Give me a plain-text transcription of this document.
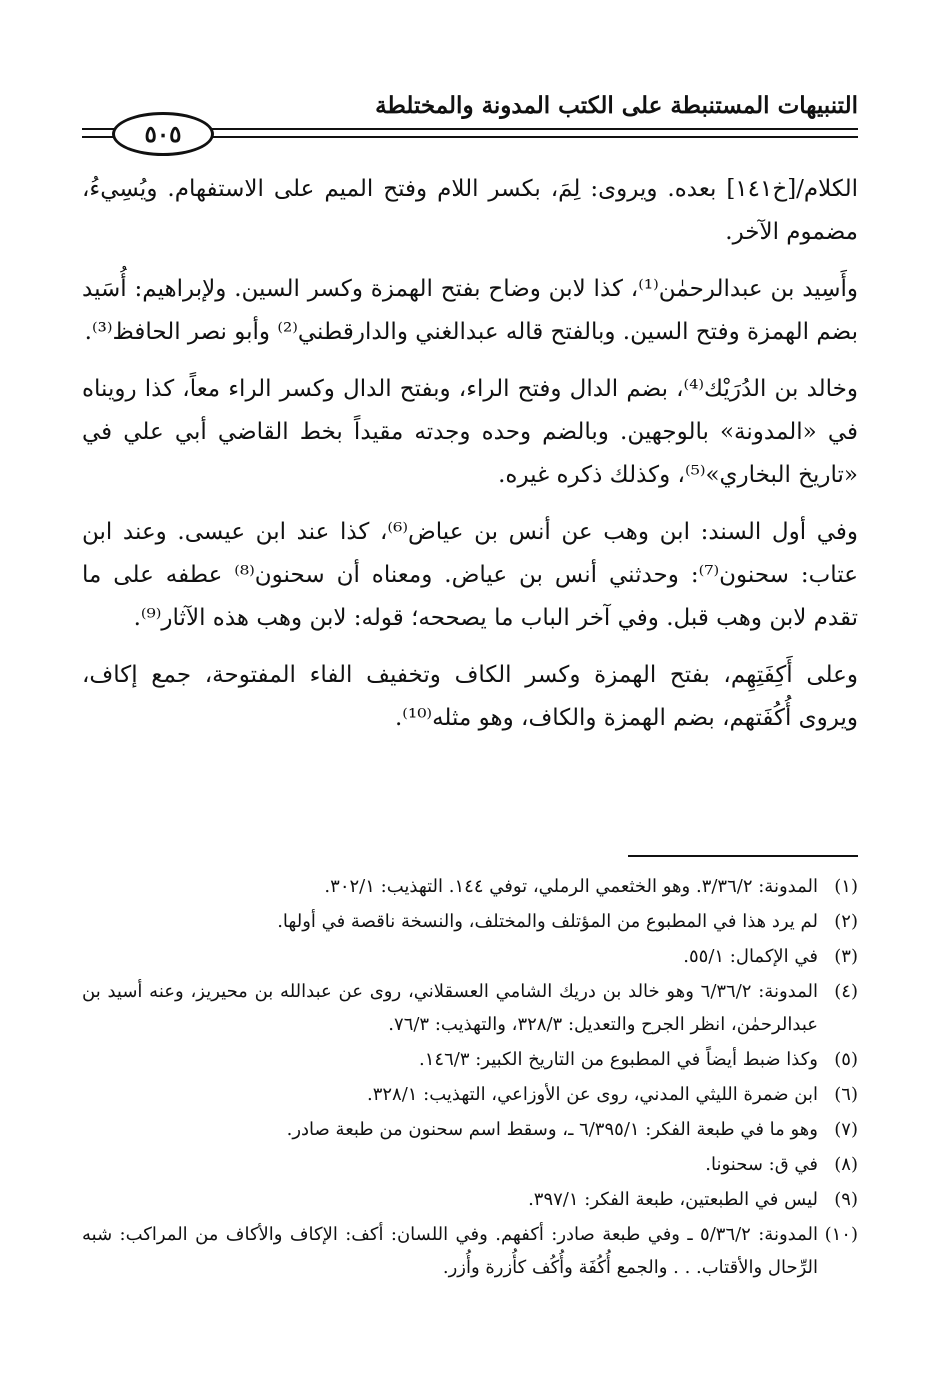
التنبيهات المستنبطة على الكتب المدونة والمختلطة
٥٠٥

الكلام/[خ١٤١] بعده. ويروى: لِمَ، بكسر اللام وفتح الميم على الاستفهام. ويُسِيءُ، مضموم الآخر.

وأَسِيد بن عبدالرحمٰن⁽¹⁾، كذا لابن وضاح بفتح الهمزة وكسر السين. ولإبراهيم: أُسَيد بضم الهمزة وفتح السين. وبالفتح قاله عبدالغني والدارقطني⁽²⁾ وأبو نصر الحافظ⁽³⁾.

وخالد بن الدُرَيْك⁽⁴⁾، بضم الدال وفتح الراء، وبفتح الدال وكسر الراء معاً، كذا رويناه في «المدونة» بالوجهين. وبالضم وحده وجدته مقيداً بخط القاضي أبي علي في «تاريخ البخاري»⁽⁵⁾، وكذلك ذكره غيره.

وفي أول السند: ابن وهب عن أنس بن عياض⁽⁶⁾، كذا عند ابن عيسى. وعند ابن عتاب: سحنون⁽⁷⁾: وحدثني أنس بن عياض. ومعناه أن سحنون⁽⁸⁾ عطفه على ما تقدم لابن وهب قبل. وفي آخر الباب ما يصححه؛ قوله: لابن وهب هذه الآثار⁽⁹⁾.

وعلى أَكِفَتِهِم، بفتح الهمزة وكسر الكاف وتخفيف الفاء المفتوحة، جمع إكاف، ويروى أُكُفَتهم، بضم الهمزة والكاف، وهو مثله⁽¹⁰⁾.

(١)
المدونة: ٣/٣٦/٢. وهو الخثعمي الرملي، توفي ١٤٤. التهذيب: ٣٠٢/١.
(٢)
لم يرد هذا في المطبوع من المؤتلف والمختلف، والنسخة ناقصة في أولها.
(٣)
في الإكمال: ٥٥/١.
(٤)
المدونة: ٦/٣٦/٢ وهو خالد بن دريك الشامي العسقلاني، روى عن عبدالله بن محيريز، وعنه أسيد بن عبدالرحمٰن، انظر الجرح والتعديل: ٣٢٨/٣، والتهذيب: ٧٦/٣.
(٥)
وكذا ضبط أيضاً في المطبوع من التاريخ الكبير: ١٤٦/٣.
(٦)
ابن ضمرة الليثي المدني، روى عن الأوزاعي، التهذيب: ٣٢٨/١.
(٧)
وهو ما في طبعة الفكر: ٦/٣٩٥/١ ـ، وسقط اسم سحنون من طبعة صادر.
(٨)
في ق: سحنونا.
(٩)
ليس في الطبعتين، طبعة الفكر: ٣٩٧/١.
(١٠)
المدونة: ٥/٣٦/٢ ـ وفي طبعة صادر: أكفهم. وفي اللسان: أكف: الإكاف والأكاف من المراكب: شبه الرِّحال والأقتاب. . . والجمع أُكُفَة وأُكُف كأُزرة وأُزر.
